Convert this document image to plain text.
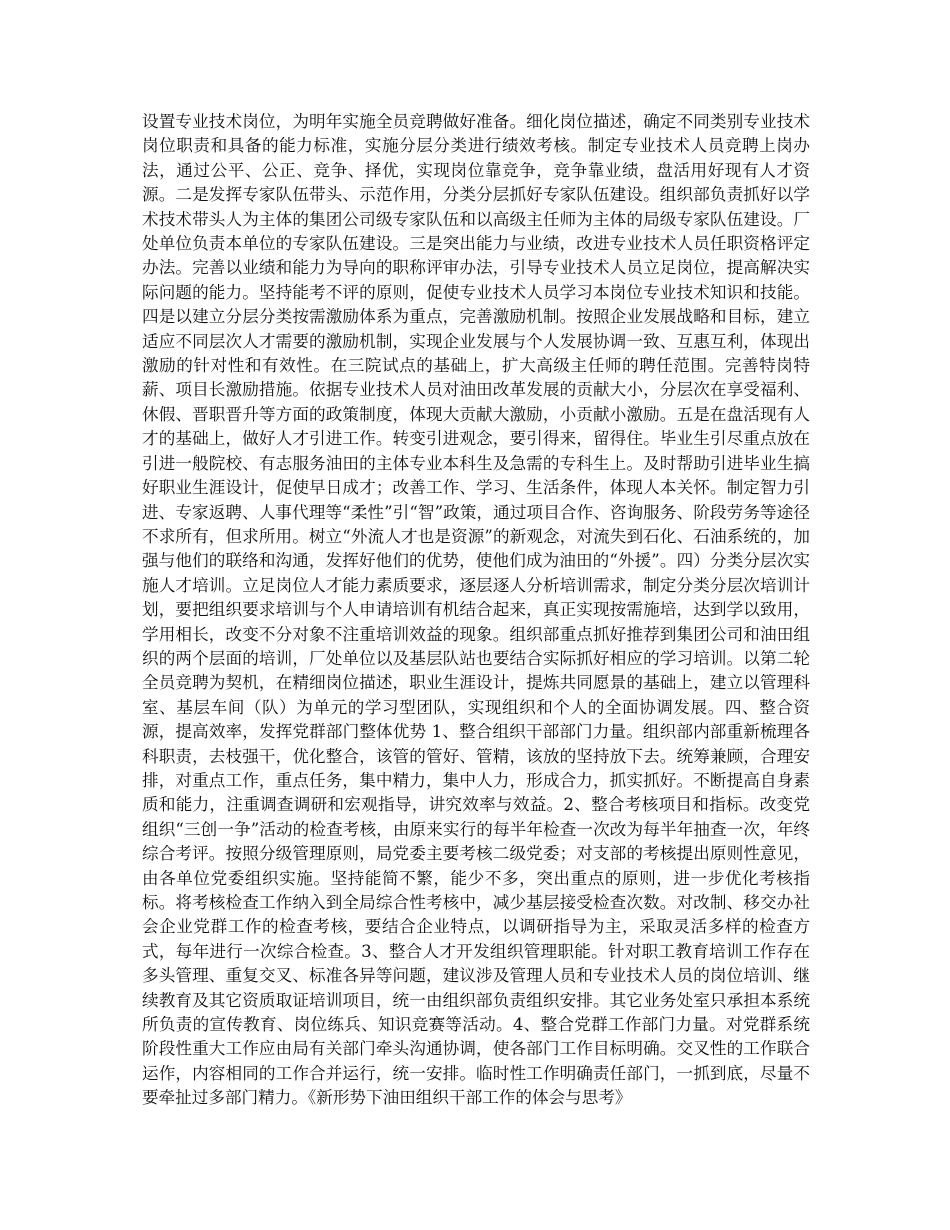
设置专业技术岗位，为明年实施全员竞聘做好准备。细化岗位描述，确定不同类别专业技术岗位职责和具备的能力标准，实施分层分类进行绩效考核。制定专业技术人员竞聘上岗办法，通过公平、公正、竞争、择优，实现岗位靠竞争，竞争靠业绩，盘活用好现有人才资源。二是发挥专家队伍带头、示范作用，分类分层抓好专家队伍建设。组织部负责抓好以学术技术带头人为主体的集团公司级专家队伍和以高级主任师为主体的局级专家队伍建设。厂处单位负责本单位的专家队伍建设。三是突出能力与业绩，改进专业技术人员任职资格评定办法。完善以业绩和能力为导向的职称评审办法，引导专业技术人员立足岗位，提高解决实际问题的能力。坚持能考不评的原则，促使专业技术人员学习本岗位专业技术知识和技能。四是以建立分层分类按需激励体系为重点，完善激励机制。按照企业发展战略和目标，建立适应不同层次人才需要的激励机制，实现企业发展与个人发展协调一致、互惠互利，体现出激励的针对性和有效性。在三院试点的基础上，扩大高级主任师的聘任范围。完善特岗特薪、项目长激励措施。依据专业技术人员对油田改革发展的贡献大小，分层次在享受福利、休假、晋职晋升等方面的政策制度，体现大贡献大激励，小贡献小激励。五是在盘活现有人才的基础上，做好人才引进工作。转变引进观念，要引得来，留得住。毕业生引尽重点放在引进一般院校、有志服务油田的主体专业本科生及急需的专科生上。及时帮助引进毕业生搞好职业生涯设计，促使早日成才；改善工作、学习、生活条件，体现人本关怀。制定智力引进、专家返聘、人事代理等“柔性”引“智”政策，通过项目合作、咨询服务、阶段劳务等途径不求所有，但求所用。树立“外流人才也是资源”的新观念，对流失到石化、石油系统的，加强与他们的联络和沟通，发挥好他们的优势，使他们成为油田的“外援”。四）分类分层次实施人才培训。立足岗位人才能力素质要求，逐层逐人分析培训需求，制定分类分层次培训计划，要把组织要求培训与个人申请培训有机结合起来，真正实现按需施培，达到学以致用，学用相长，改变不分对象不注重培训效益的现象。组织部重点抓好推荐到集团公司和油田组织的两个层面的培训，厂处单位以及基层队站也要结合实际抓好相应的学习培训。以第二轮全员竞聘为契机，在精细岗位描述，职业生涯设计，提炼共同愿景的基础上，建立以管理科室、基层车间（队）为单元的学习型团队，实现组织和个人的全面协调发展。四、整合资源，提高效率，发挥党群部门整体优势 1、整合组织干部部门力量。组织部内部重新梳理各科职责，去枝强干，优化整合，该管的管好、管精，该放的坚持放下去。统筹兼顾，合理安排，对重点工作，重点任务，集中精力，集中人力，形成合力，抓实抓好。不断提高自身素质和能力，注重调查调研和宏观指导，讲究效率与效益。2、整合考核项目和指标。改变党组织“三创一争”活动的检查考核，由原来实行的每半年检查一次改为每半年抽查一次，年终综合考评。按照分级管理原则，局党委主要考核二级党委；对支部的考核提出原则性意见，由各单位党委组织实施。坚持能简不繁，能少不多，突出重点的原则，进一步优化考核指标。将考核检查工作纳入到全局综合性考核中，减少基层接受检查次数。对改制、移交办社会企业党群工作的检查考核，要结合企业特点，以调研指导为主，采取灵活多样的检查方式，每年进行一次综合检查。3、整合人才开发组织管理职能。针对职工教育培训工作存在多头管理、重复交叉、标准各异等问题，建议涉及管理人员和专业技术人员的岗位培训、继续教育及其它资质取证培训项目，统一由组织部负责组织安排。其它业务处室只承担本系统所负责的宣传教育、岗位练兵、知识竞赛等活动。4、整合党群工作部门力量。对党群系统阶段性重大工作应由局有关部门牵头沟通协调，使各部门工作目标明确。交叉性的工作联合运作，内容相同的工作合并运行，统一安排。临时性工作明确责任部门，一抓到底，尽量不要牵扯过多部门精力。《新形势下油田组织干部工作的体会与思考》
